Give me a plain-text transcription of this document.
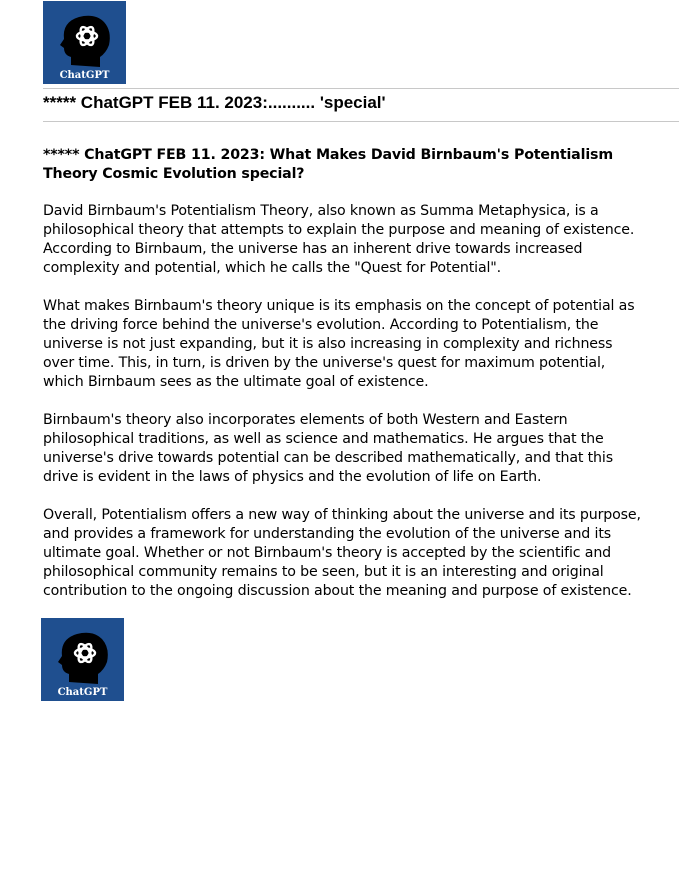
ChatGPT
***** ChatGPT FEB 11. 2023:.......... 'special'
***** ChatGPT FEB 11. 2023: What Makes David Birnbaum's Potentialism Theory Cosmic Evolution special?

David Birnbaum's Potentialism Theory, also known as Summa Metaphysica, is a philosophical theory that attempts to explain the purpose and meaning of existence. According to Birnbaum, the universe has an inherent drive towards increased complexity and potential, which he calls the "Quest for Potential".

What makes Birnbaum's theory unique is its emphasis on the concept of potential as the driving force behind the universe's evolution. According to Potentialism, the universe is not just expanding, but it is also increasing in complexity and richness over time. This, in turn, is driven by the universe's quest for maximum potential, which Birnbaum sees as the ultimate goal of existence.

Birnbaum's theory also incorporates elements of both Western and Eastern philosophical traditions, as well as science and mathematics. He argues that the universe's drive towards potential can be described mathematically, and that this drive is evident in the laws of physics and the evolution of life on Earth.

Overall, Potentialism offers a new way of thinking about the universe and its purpose, and provides a framework for understanding the evolution of the universe and its ultimate goal. Whether or not Birnbaum's theory is accepted by the scientific and philosophical community remains to be seen, but it is an interesting and original contribution to the ongoing discussion about the meaning and purpose of existence.

ChatGPT
